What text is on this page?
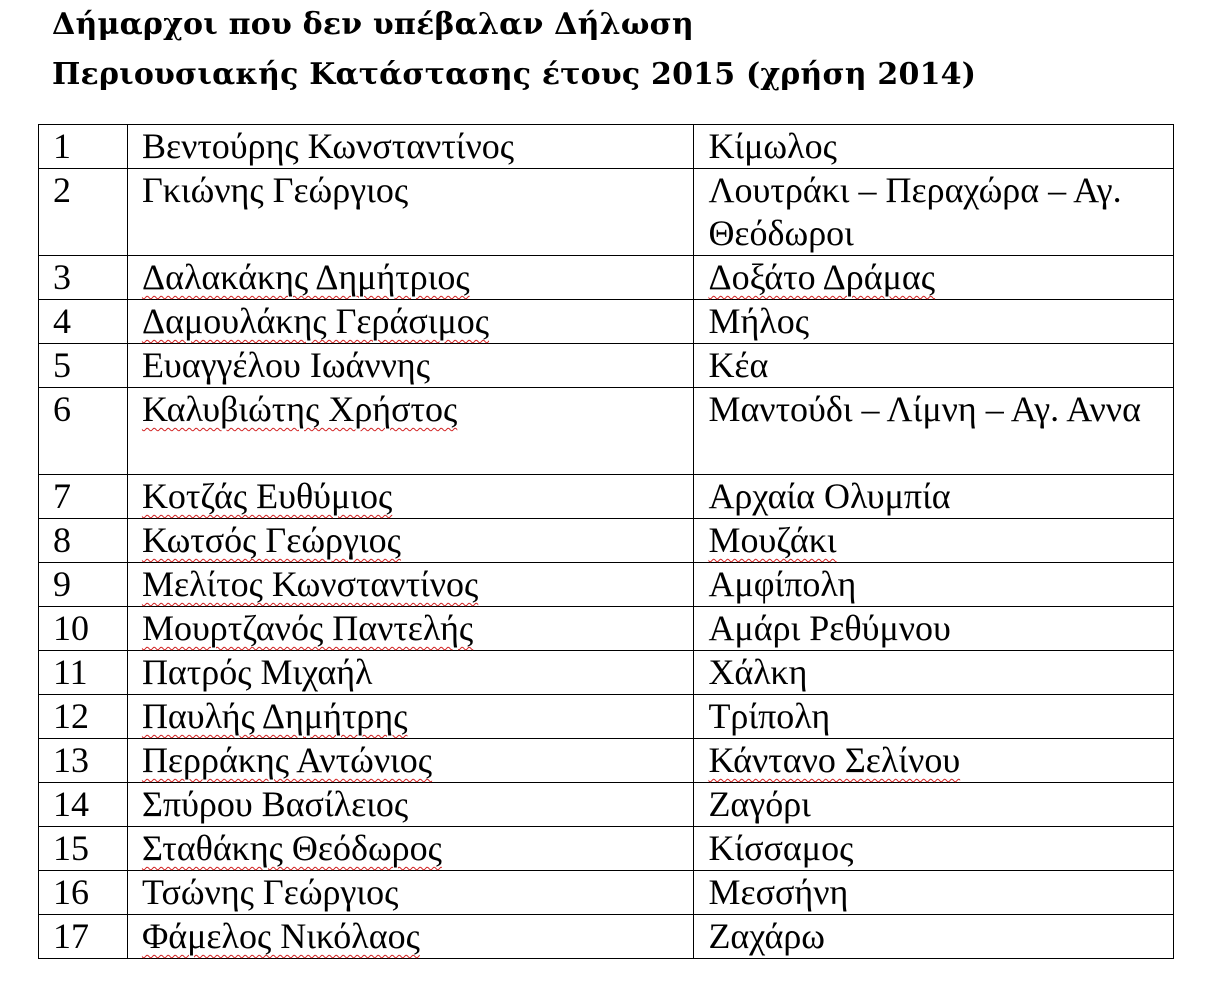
Δήμαρχοι που δεν υπέβαλαν Δήλωση
Περιουσιακής Κατάστασης έτους 2015 (χρήση 2014)
1	Βεντούρης Κωνσταντίνος	Κίμωλος
2	Γκιώνης Γεώργιος	Λουτράκι – Περαχώρα – Αγ. Θεόδωροι
3	Δαλακάκης Δημήτριος	Δοξάτο Δράμας
4	Δαμουλάκης Γεράσιμος	Μήλος
5	Ευαγγέλου Ιωάννης	Κέα
6	Καλυβιώτης Χρήστος	Μαντούδι – Λίμνη – Αγ. Αννα
7	Κοτζάς Ευθύμιος	Αρχαία Ολυμπία
8	Κωτσός Γεώργιος	Μουζάκι
9	Μελίτος Κωνσταντίνος	Αμφίπολη
10	Μουρτζανός Παντελής	Αμάρι Ρεθύμνου
11	Πατρός Μιχαήλ	Χάλκη
12	Παυλής Δημήτρης	Τρίπολη
13	Περράκης Αντώνιος	Κάντανο Σελίνου
14	Σπύρου Βασίλειος	Ζαγόρι
15	Σταθάκης Θεόδωρος	Κίσσαμος
16	Τσώνης Γεώργιος	Μεσσήνη
17	Φάμελος Νικόλαος	Ζαχάρω
